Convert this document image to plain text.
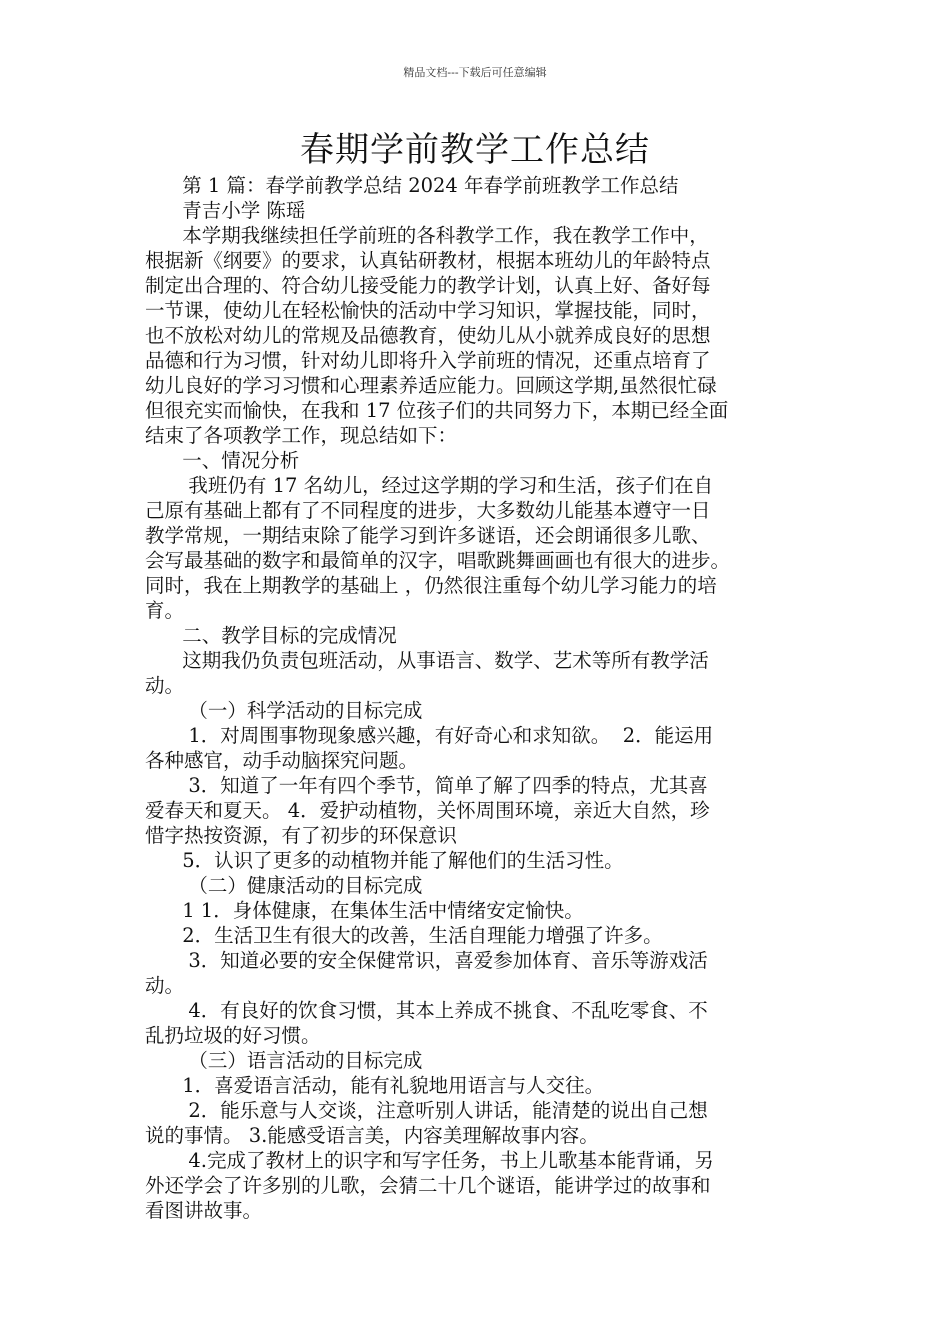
精品文档---下载后可任意编辑
春期学前教学工作总结
第 1 篇：春学前教学总结 2024 年春学前班教学工作总结
青吉小学 陈瑶
本学期我继续担任学前班的各科教学工作，我在教学工作中，
根据新《纲要》的要求，认真钻研教材，根据本班幼儿的年龄特点
制定出合理的、符合幼儿接受能力的教学计划，认真上好、备好每
一节课，使幼儿在轻松愉快的活动中学习知识，掌握技能，同时，
也不放松对幼儿的常规及品德教育，使幼儿从小就养成良好的思想
品德和行为习惯，针对幼儿即将升入学前班的情况，还重点培育了
幼儿良好的学习习惯和心理素养适应能力。回顾这学期,虽然很忙碌
但很充实而愉快，在我和 17 位孩子们的共同努力下，本期已经全面
结束了各项教学工作，现总结如下：
一、情况分析
我班仍有 17 名幼儿，经过这学期的学习和生活，孩子们在自
己原有基础上都有了不同程度的进步，大多数幼儿能基本遵守一日
教学常规，一期结束除了能学习到许多谜语，还会朗诵很多儿歌、
会写最基础的数字和最简单的汉字，唱歌跳舞画画也有很大的进步。
同时，我在上期教学的基础上 ，仍然很注重每个幼儿学习能力的培
育。
二、教学目标的完成情况
这期我仍负责包班活动，从事语言、数学、艺术等所有教学活
动。
（一）科学活动的目标完成
1．对周围事物现象感兴趣，有好奇心和求知欲。  2．能运用
各种感官，动手动脑探究问题。
3．知道了一年有四个季节，简单了解了四季的特点，尤其喜
爱春天和夏天。 4．爱护动植物，关怀周围环境，亲近大自然，珍
惜字热按资源，有了初步的环保意识
5．认识了更多的动植物并能了解他们的生活习性。
（二）健康活动的目标完成
1 1．身体健康，在集体生活中情绪安定愉快。
2．生活卫生有很大的改善，生活自理能力增强了许多。
3．知道必要的安全保健常识，喜爱参加体育、音乐等游戏活
动。
4．有良好的饮食习惯，其本上养成不挑食、不乱吃零食、不
乱扔垃圾的好习惯。
（三）语言活动的目标完成
1．喜爱语言活动，能有礼貌地用语言与人交往。
2．能乐意与人交谈，注意听别人讲话，能清楚的说出自己想
说的事情。 3.能感受语言美，内容美理解故事内容。
4.完成了教材上的识字和写字任务，书上儿歌基本能背诵，另
外还学会了许多别的儿歌，会猜二十几个谜语，能讲学过的故事和
看图讲故事。
